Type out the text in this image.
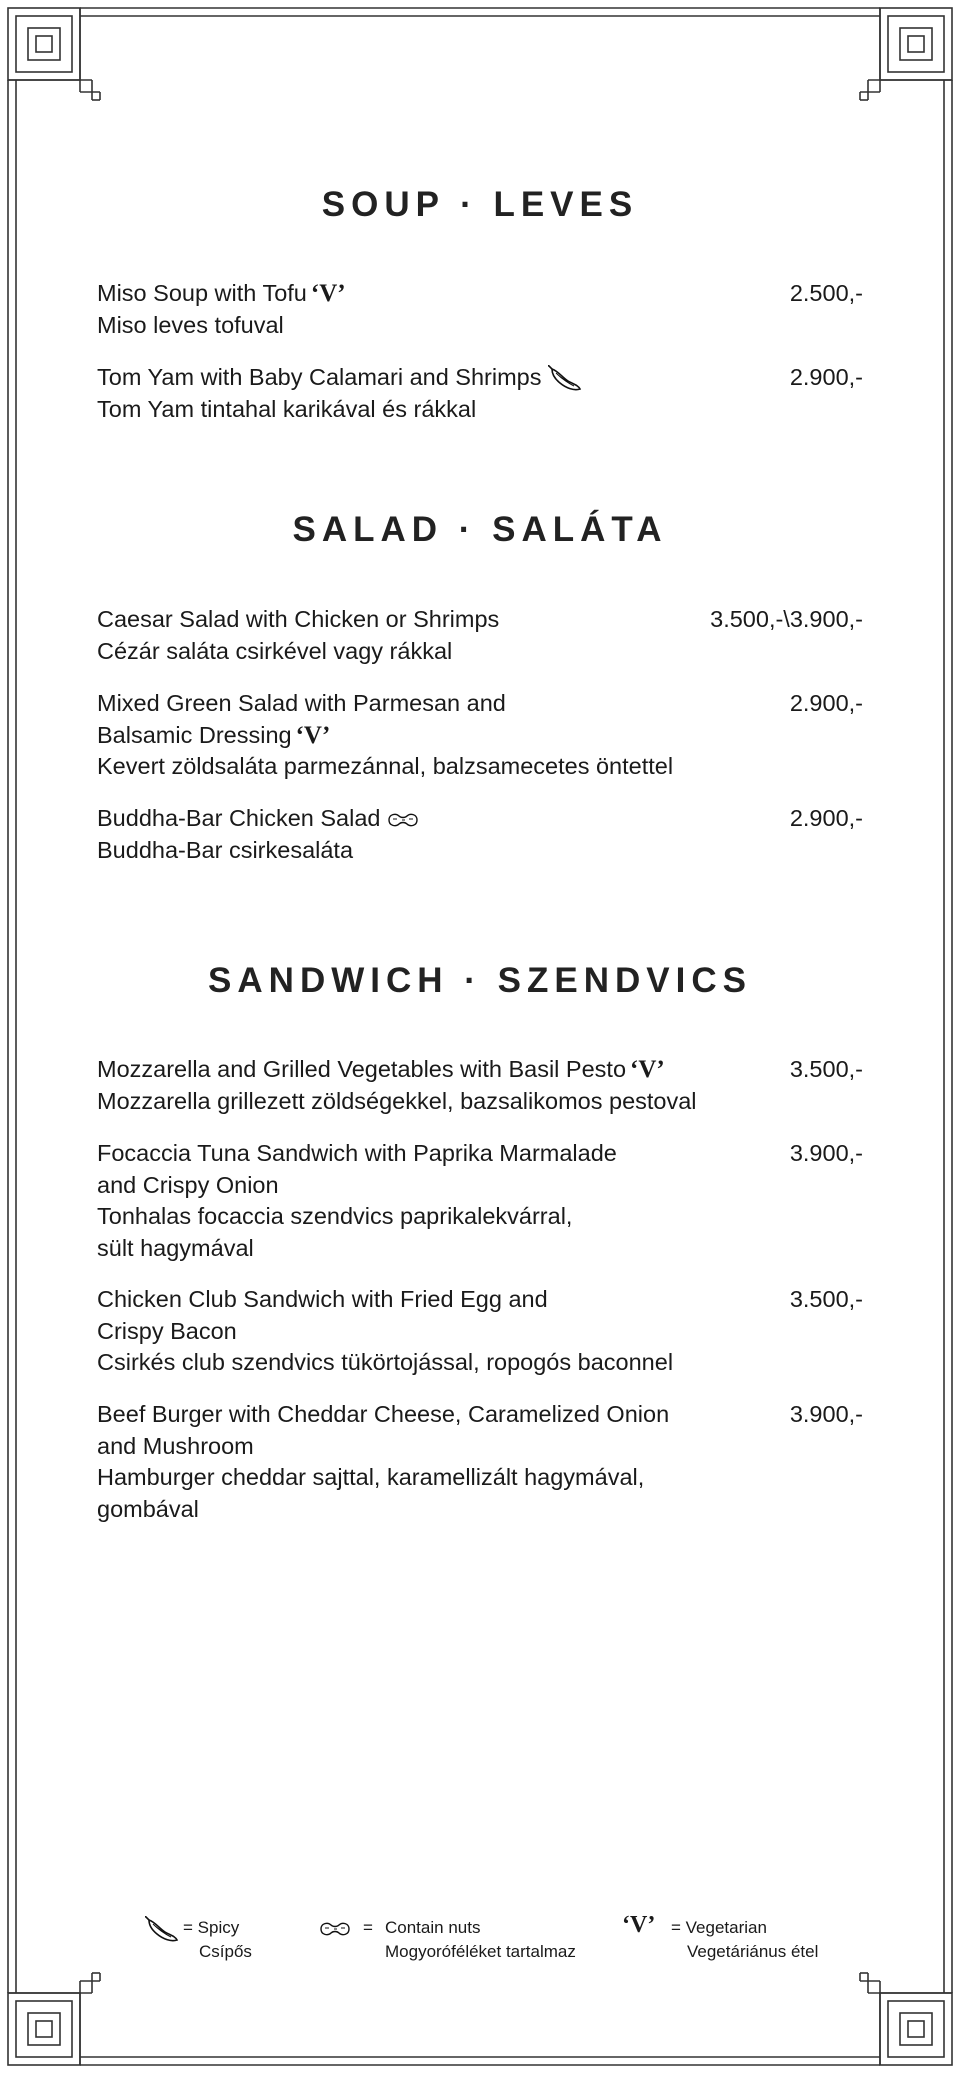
SOUP · LEVES
Miso Soup with Tofu ‘V’
Miso leves tofuval
2.500,-
Tom Yam with Baby Calamari and Shrimps
Tom Yam tintahal karikával és rákkal
2.900,-
SALAD · SALÁTA
Caesar Salad with Chicken or Shrimps
Cézár saláta csirkével vagy rákkal
3.500,-\3.900,-
Mixed Green Salad with Parmesan and
Balsamic Dressing ‘V’
Kevert zöldsaláta parmezánnal, balzsamecetes öntettel
2.900,-
Buddha-Bar Chicken Salad
Buddha-Bar csirkesaláta
2.900,-
SANDWICH · SZENDVICS
Mozzarella and Grilled Vegetables with Basil Pesto ‘V’
Mozzarella grillezett zöldségekkel, bazsalikomos pestoval
3.500,-
Focaccia Tuna Sandwich with Paprika Marmalade
and Crispy Onion
Tonhalas focaccia szendvics paprikalekvárral,
sült hagymával
3.900,-
Chicken Club Sandwich with Fried Egg and
Crispy Bacon
Csirkés club szendvics tükörtojással, ropogós baconnel
3.500,-
Beef Burger with Cheddar Cheese, Caramelized Onion
and Mushroom
Hamburger cheddar sajttal, karamellizált hagymával,
gombával
3.900,-
= Spicy
Csípős
= Contain nuts
Mogyoróféléket tartalmaz
‘V’ = Vegetarian
Vegetáriánus étel
